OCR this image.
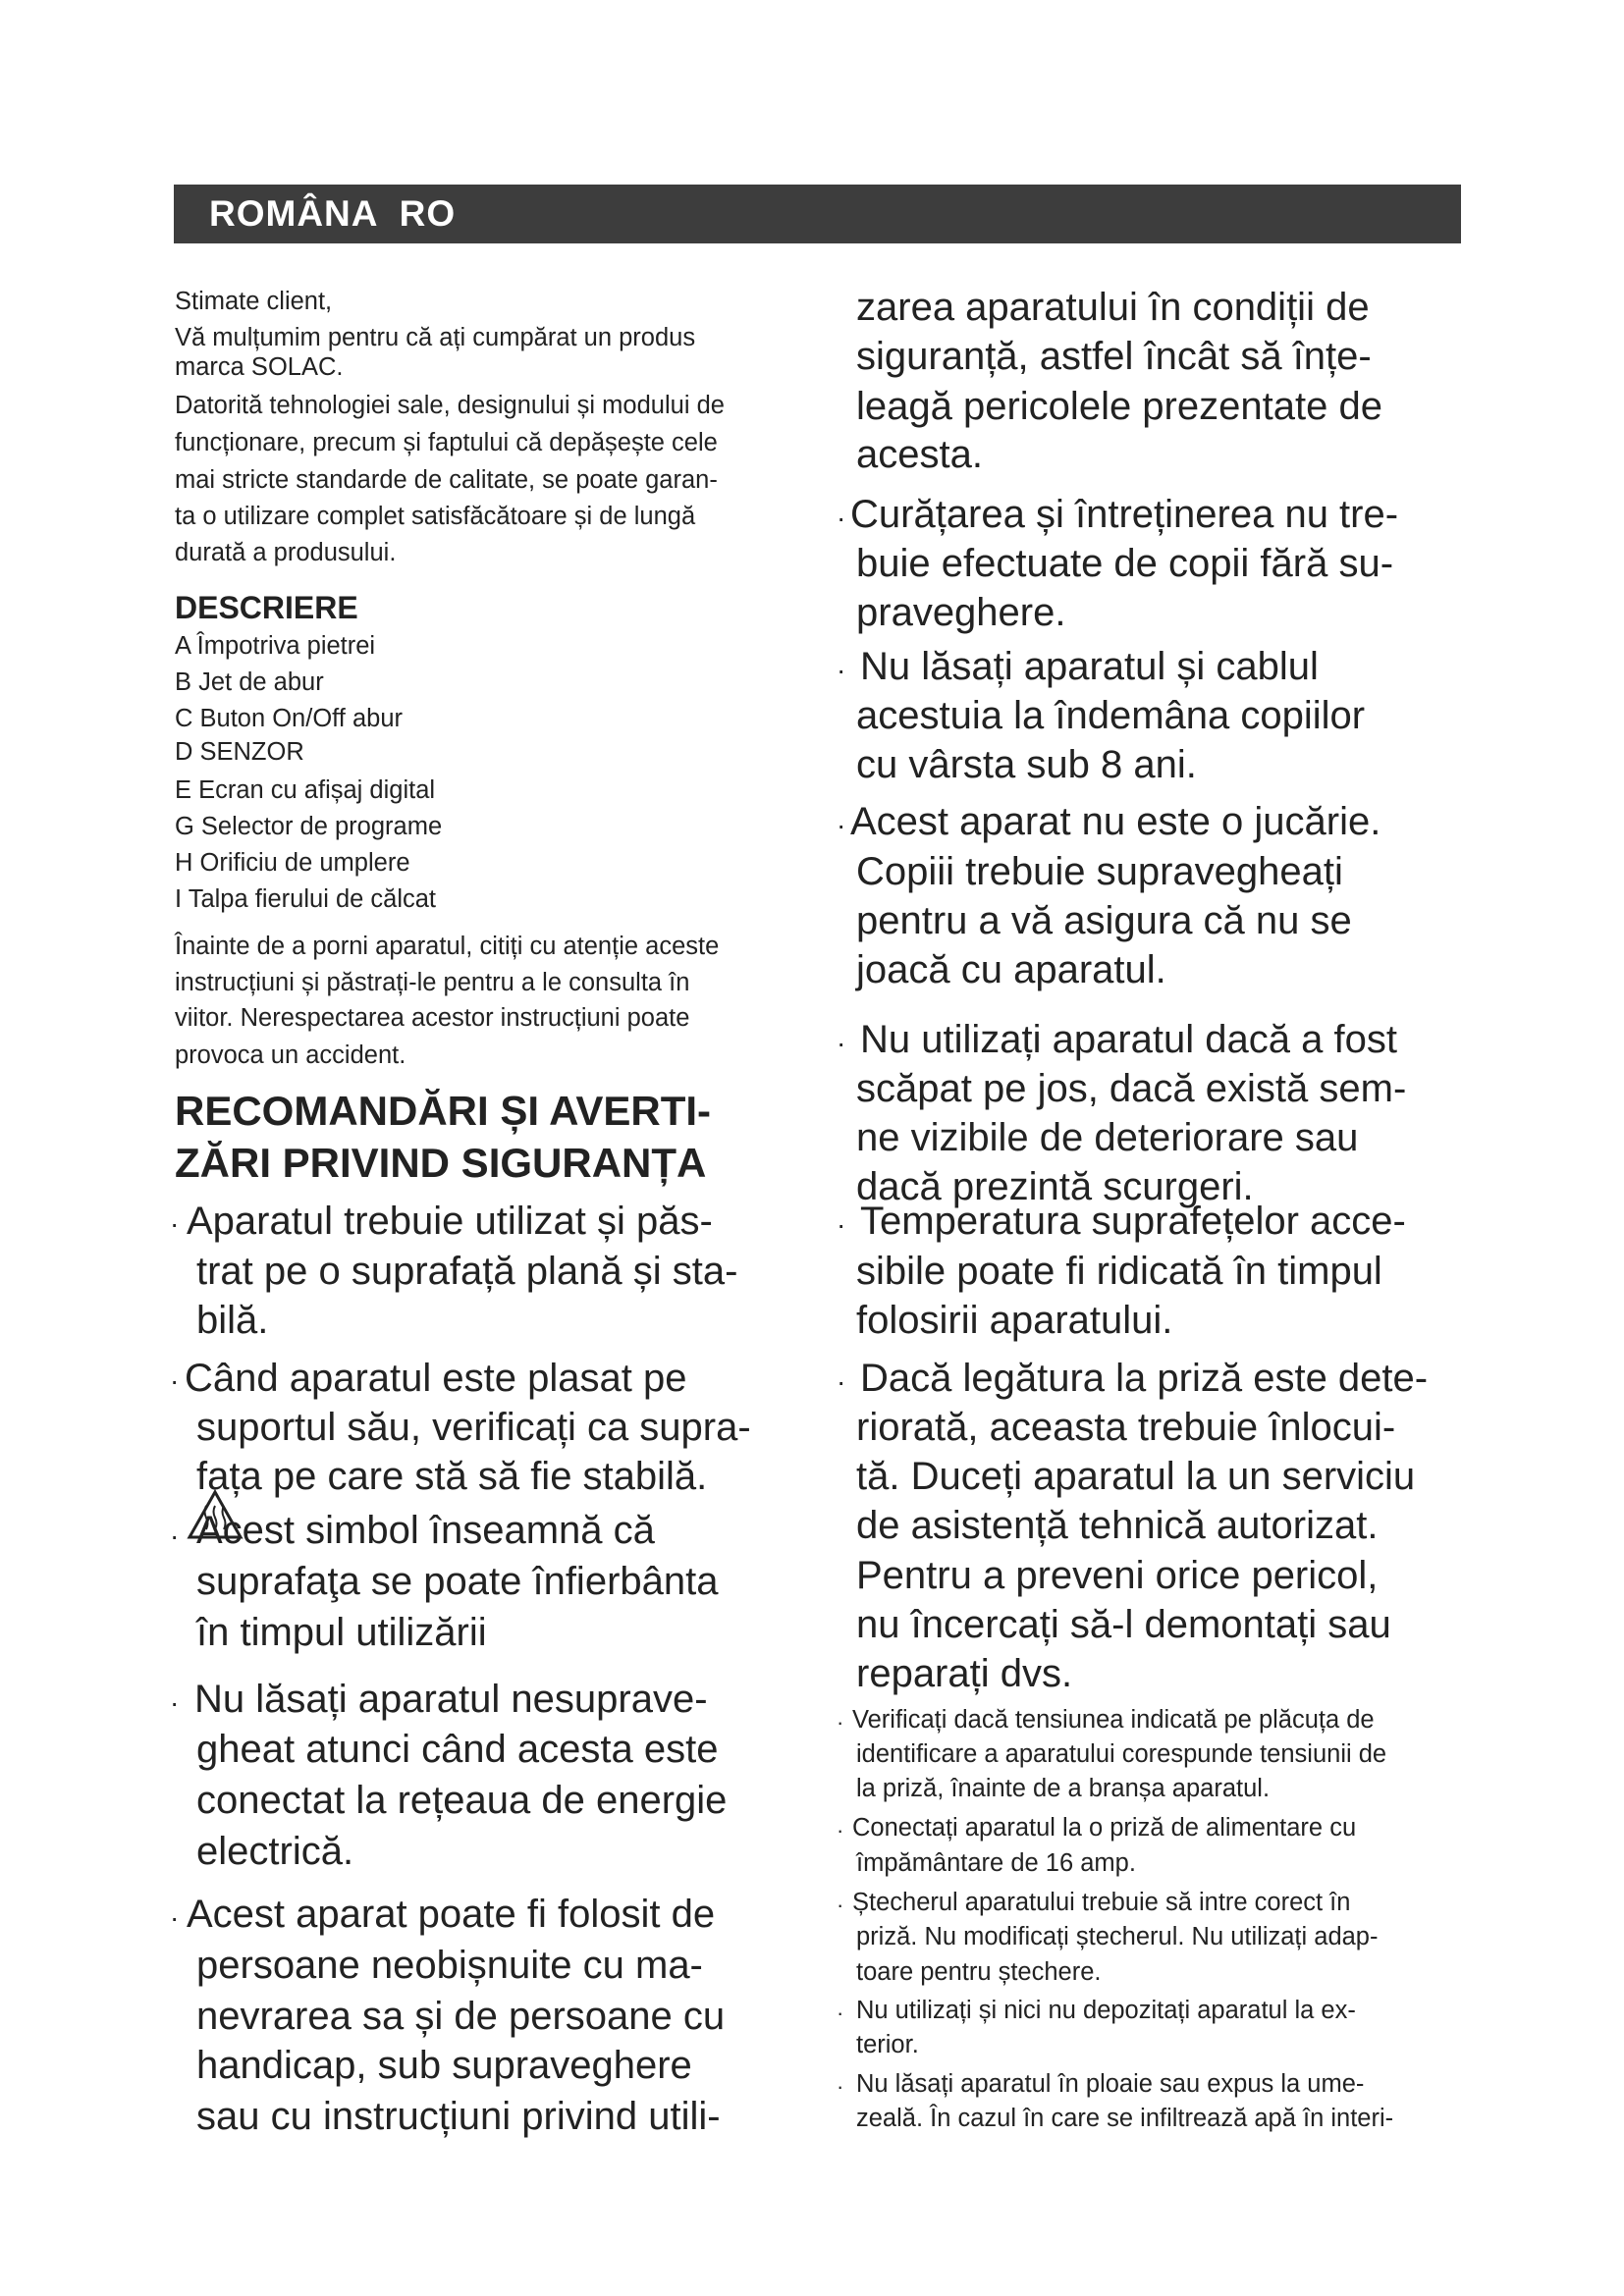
ROMÂNA  RO
Stimate client,
Vă mulțumim pentru că ați cumpărat un produs
marca SOLAC.
Datorită tehnologiei sale, designului și modului de
funcționare, precum și faptului că depășește cele
mai stricte standarde de calitate, se poate garan-
ta o utilizare complet satisfăcătoare și de lungă
durată a produsului.
DESCRIERE
A Împotriva pietrei
B Jet de abur
C Buton On/Off abur
D SENZOR
E Ecran cu afișaj digital
G Selector de programe
H Orificiu de umplere
I Talpa fierului de călcat
Înainte de a porni aparatul, citiți cu atenție aceste
instrucțiuni și păstrați-le pentru a le consulta în
viitor. Nerespectarea acestor instrucțiuni poate
provoca un accident.
RECOMANDĂRI ȘI AVERTI-
ZĂRI PRIVIND SIGURANȚA
· Aparatul trebuie utilizat și păs-
trat pe o suprafață plană și sta-
bilă.
· Când aparatul este plasat pe
suportul său, verificați ca supra-
fața pe care stă să fie stabilă.
· Acest simbol înseamnă că
suprafaţa se poate înfierbânta
în timpul utilizării
· Nu lăsați aparatul nesuprave-
gheat atunci când acesta este
conectat la rețeaua de energie
electrică.
· Acest aparat poate fi folosit de
persoane neobișnuite cu ma-
nevrarea sa și de persoane cu
handicap, sub supraveghere
sau cu instrucțiuni privind utili-
zarea aparatului în condiții de
siguranță, astfel încât să înțe-
leagă pericolele prezentate de
acesta.
· Curățarea și întreținerea nu tre-
buie efectuate de copii fără su-
praveghere.
· Nu lăsați aparatul și cablul
acestuia la îndemâna copiilor
cu vârsta sub 8 ani.
· Acest aparat nu este o jucărie.
Copiii trebuie supravegheați
pentru a vă asigura că nu se
joacă cu aparatul.
· Nu utilizați aparatul dacă a fost
scăpat pe jos, dacă există sem-
ne vizibile de deteriorare sau
dacă prezintă scurgeri.
· Temperatura suprafețelor acce-
sibile poate fi ridicată în timpul
folosirii aparatului.
· Dacă legătura la priză este dete-
riorată, aceasta trebuie înlocui-
tă. Duceți aparatul la un serviciu
de asistență tehnică autorizat.
Pentru a preveni orice pericol,
nu încercați să-l demontați sau
reparați dvs.
· Verificați dacă tensiunea indicată pe plăcuța de
identificare a aparatului corespunde tensiunii de
la priză, înainte de a branșa aparatul.
· Conectați aparatul la o priză de alimentare cu
împământare de 16 amp.
· Ștecherul aparatului trebuie să intre corect în
priză. Nu modificați ștecherul. Nu utilizați adap-
toare pentru ștechere.
· Nu utilizați și nici nu depozitați aparatul la ex-
terior.
· Nu lăsați aparatul în ploaie sau expus la ume-
zeală. În cazul în care se infiltrează apă în interi-
